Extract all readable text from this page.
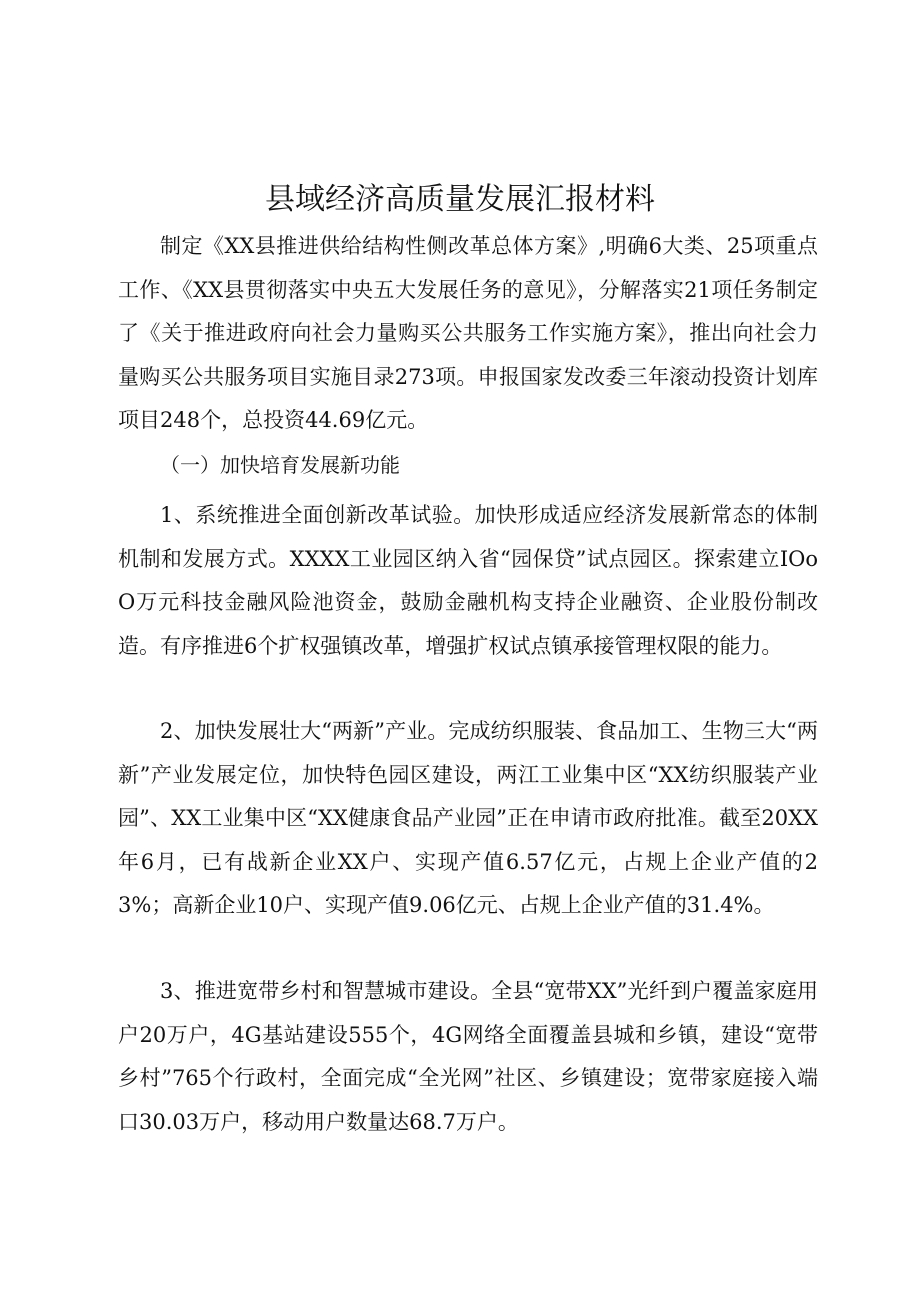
县域经济高质量发展汇报材料

制定《XX县推进供给结构性侧改革总体方案》,明确6大类、25项重点工作、《XX县贯彻落实中央五大发展任务的意见》，分解落实21项任务制定了《关于推进政府向社会力量购买公共服务工作实施方案》，推出向社会力量购买公共服务项目实施目录273项。申报国家发改委三年滚动投资计划库项目248个，总投资44.69亿元。

（一）加快培育发展新功能

1、系统推进全面创新改革试验。加快形成适应经济发展新常态的体制机制和发展方式。XXXX工业园区纳入省“园保贷”试点园区。探索建立IOoO万元科技金融风险池资金，鼓励金融机构支持企业融资、企业股份制改造。有序推进6个扩权强镇改革，增强扩权试点镇承接管理权限的能力。

2、加快发展壮大“两新”产业。完成纺织服装、食品加工、生物三大“两新”产业发展定位，加快特色园区建设，两江工业集中区“XX纺织服装产业园”、XX工业集中区“XX健康食品产业园”正在申请市政府批准。截至20XX年6月，已有战新企业XX户、实现产值6.57亿元，占规上企业产值的23%；高新企业10户、实现产值9.06亿元、占规上企业产值的31.4%。

3、推进宽带乡村和智慧城市建设。全县“宽带XX”光纤到户覆盖家庭用户20万户，4G基站建设555个，4G网络全面覆盖县城和乡镇，建设“宽带乡村”765个行政村，全面完成“全光网”社区、乡镇建设；宽带家庭接入端口30.03万户，移动用户数量达68.7万户。
